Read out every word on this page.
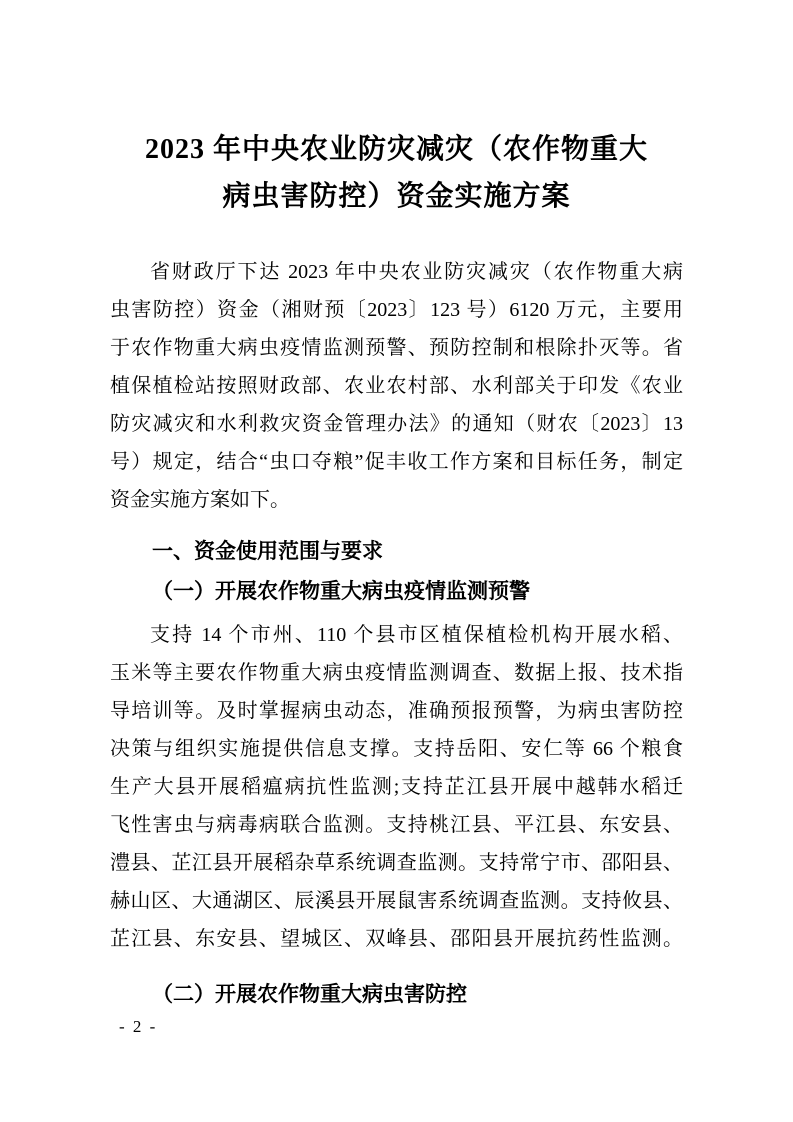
2023 年中央农业防灾减灾（农作物重大
病虫害防控）资金实施方案
省财政厅下达 2023 年中央农业防灾减灾（农作物重大病
虫害防控）资金（湘财预〔2023〕123 号）6120 万元，主要用
于农作物重大病虫疫情监测预警、预防控制和根除扑灭等。省
植保植检站按照财政部、农业农村部、水利部关于印发《农业
防灾减灾和水利救灾资金管理办法》的通知（财农〔2023〕13
号）规定，结合“虫口夺粮”促丰收工作方案和目标任务，制定
资金实施方案如下。
一、资金使用范围与要求
（一）开展农作物重大病虫疫情监测预警
支持 14 个市州、110 个县市区植保植检机构开展水稻、
玉米等主要农作物重大病虫疫情监测调查、数据上报、技术指
导培训等。及时掌握病虫动态，准确预报预警，为病虫害防控
决策与组织实施提供信息支撑。支持岳阳、安仁等 66 个粮食
生产大县开展稻瘟病抗性监测;支持芷江县开展中越韩水稻迁
飞性害虫与病毒病联合监测。支持桃江县、平江县、东安县、
澧县、芷江县开展稻杂草系统调查监测。支持常宁市、邵阳县、
赫山区、大通湖区、辰溪县开展鼠害系统调查监测。支持攸县、
芷江县、东安县、望城区、双峰县、邵阳县开展抗药性监测。
（二）开展农作物重大病虫害防控
- 2 -
